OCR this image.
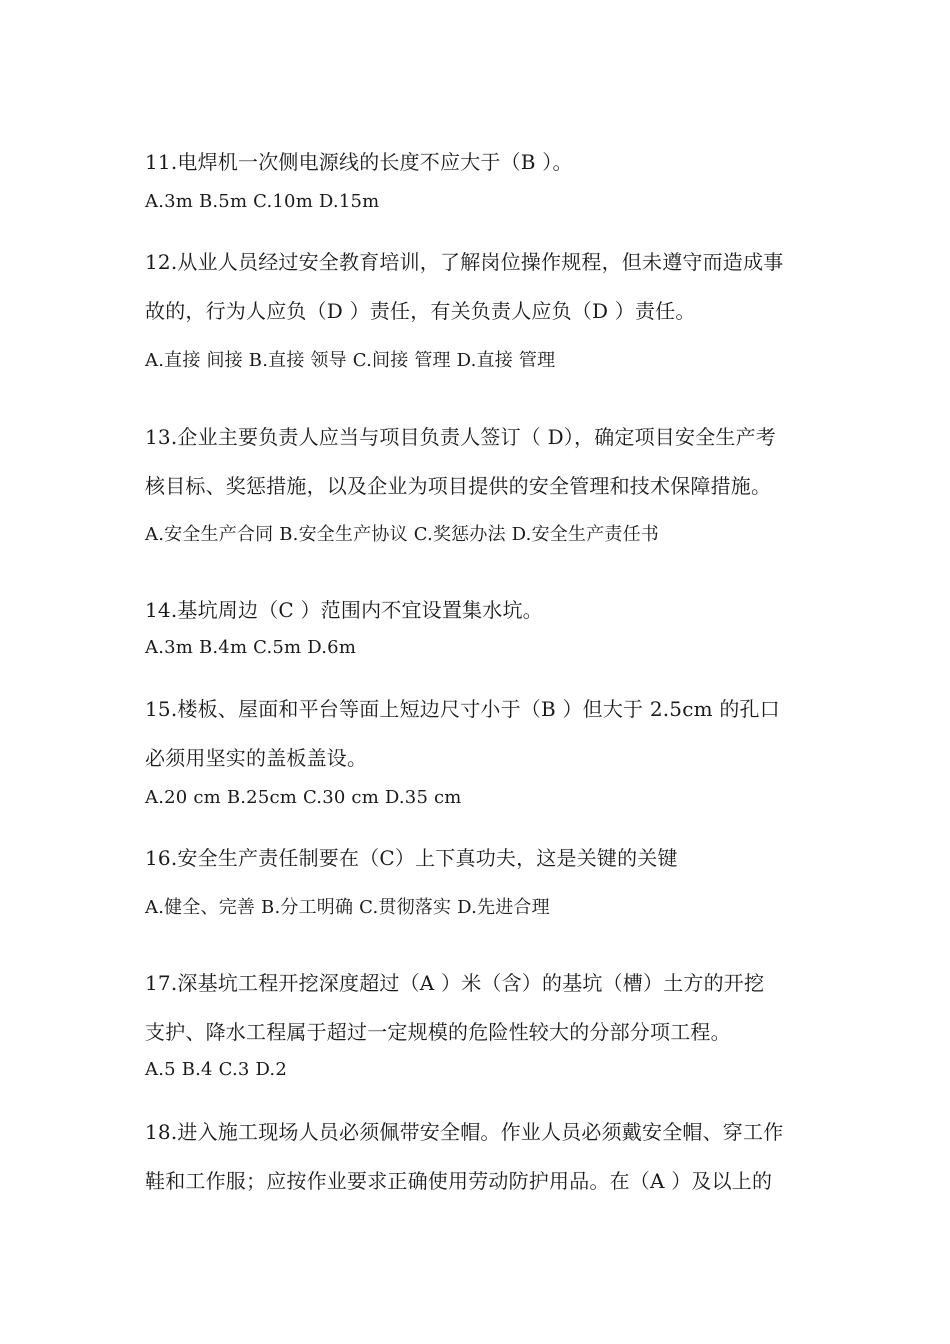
11.电焊机一次侧电源线的长度不应大于（B ）。
A.3m B.5m C.10m D.15m
12.从业人员经过安全教育培训，了解岗位操作规程，但未遵守而造成事
故的，行为人应负（D ）责任，有关负责人应负（D ）责任。
A.直接 间接 B.直接 领导 C.间接 管理 D.直接 管理
13.企业主要负责人应当与项目负责人签订（ D），确定项目安全生产考
核目标、奖惩措施，以及企业为项目提供的安全管理和技术保障措施。
A.安全生产合同 B.安全生产协议 C.奖惩办法 D.安全生产责任书
14.基坑周边（C ）范围内不宜设置集水坑。
A.3m B.4m C.5m D.6m
15.楼板、屋面和平台等面上短边尺寸小于（B ）但大于 2.5cm 的孔口
必须用坚实的盖板盖设。
A.20 cm B.25cm C.30 cm D.35 cm
16.安全生产责任制要在（C）上下真功夫，这是关键的关键
A.健全、完善 B.分工明确 C.贯彻落实 D.先进合理
17.深基坑工程开挖深度超过（A ）米（含）的基坑（槽）土方的开挖
支护、降水工程属于超过一定规模的危险性较大的分部分项工程。
A.5 B.4 C.3 D.2
18.进入施工现场人员必须佩带安全帽。作业人员必须戴安全帽、穿工作
鞋和工作服；应按作业要求正确使用劳动防护用品。在（A ）及以上的
